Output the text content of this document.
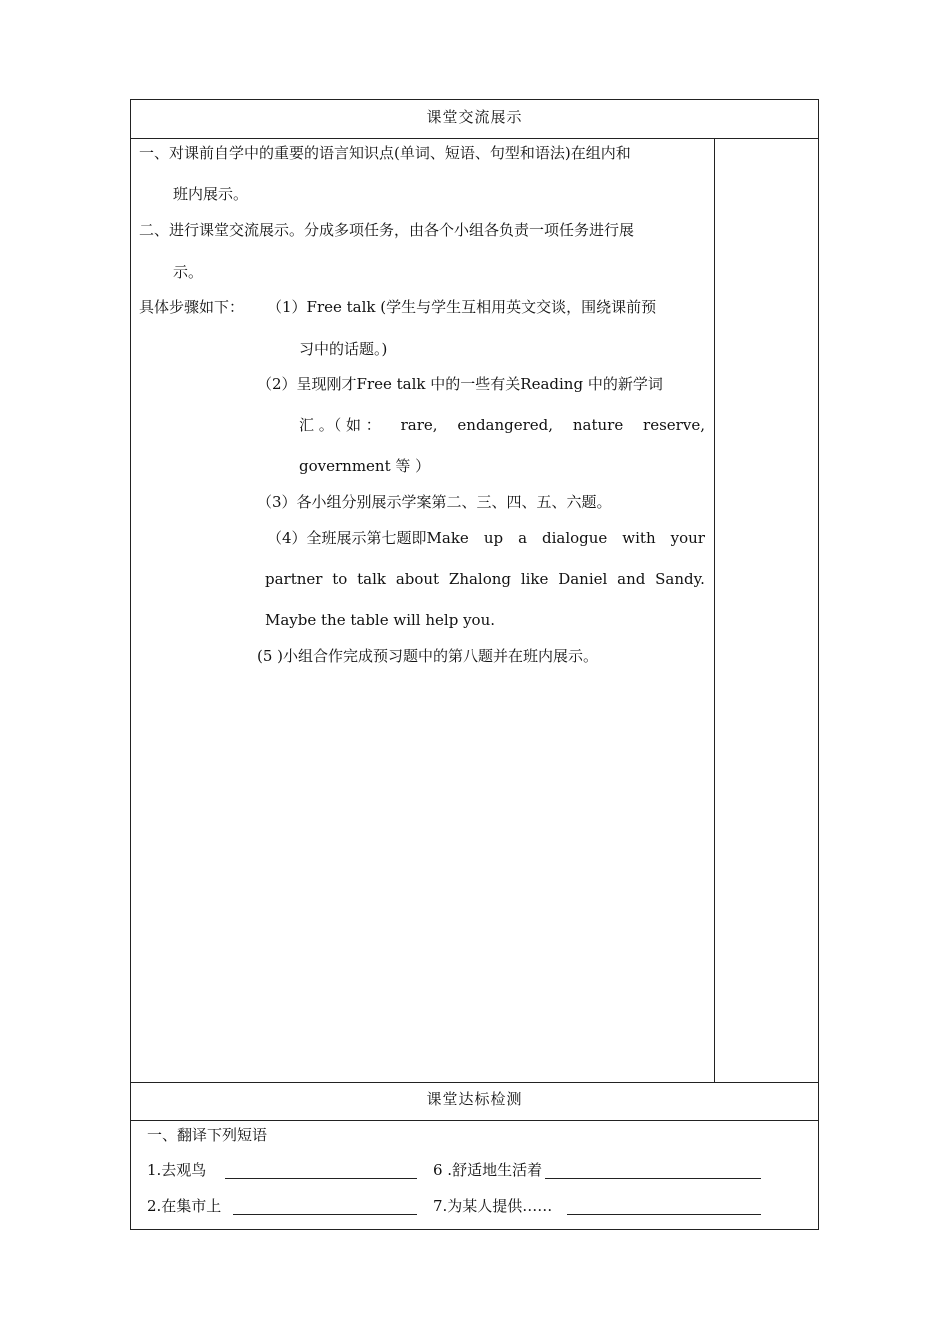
课堂交流展示
一、对课前自学中的重要的语言知识点(单词、短语、句型和语法)在组内和
班内展示。
二、进行课堂交流展示。分成多项任务，由各个小组各负责一项任务进行展
示。
具体步骤如下： （1）Free talk (学生与学生互相用英文交谈，围绕课前预
习中的话题。)
（2）呈现刚才Free talk 中的一些有关Reading 中的新学词
汇 。（ 如 ： rare, endangered, nature reserve,
government 等 ）
（3）各小组分别展示学案第二、三、四、五、六题。
（4）全班展示第七题即Make up a dialogue with your
partner to talk about Zhalong like Daniel and Sandy.
Maybe the table will help you.
(5 )小组合作完成预习题中的第八题并在班内展示。
课堂达标检测
一、翻译下列短语
1.去观鸟	6 .舒适地生活着
2.在集市上	7.为某人提供……
